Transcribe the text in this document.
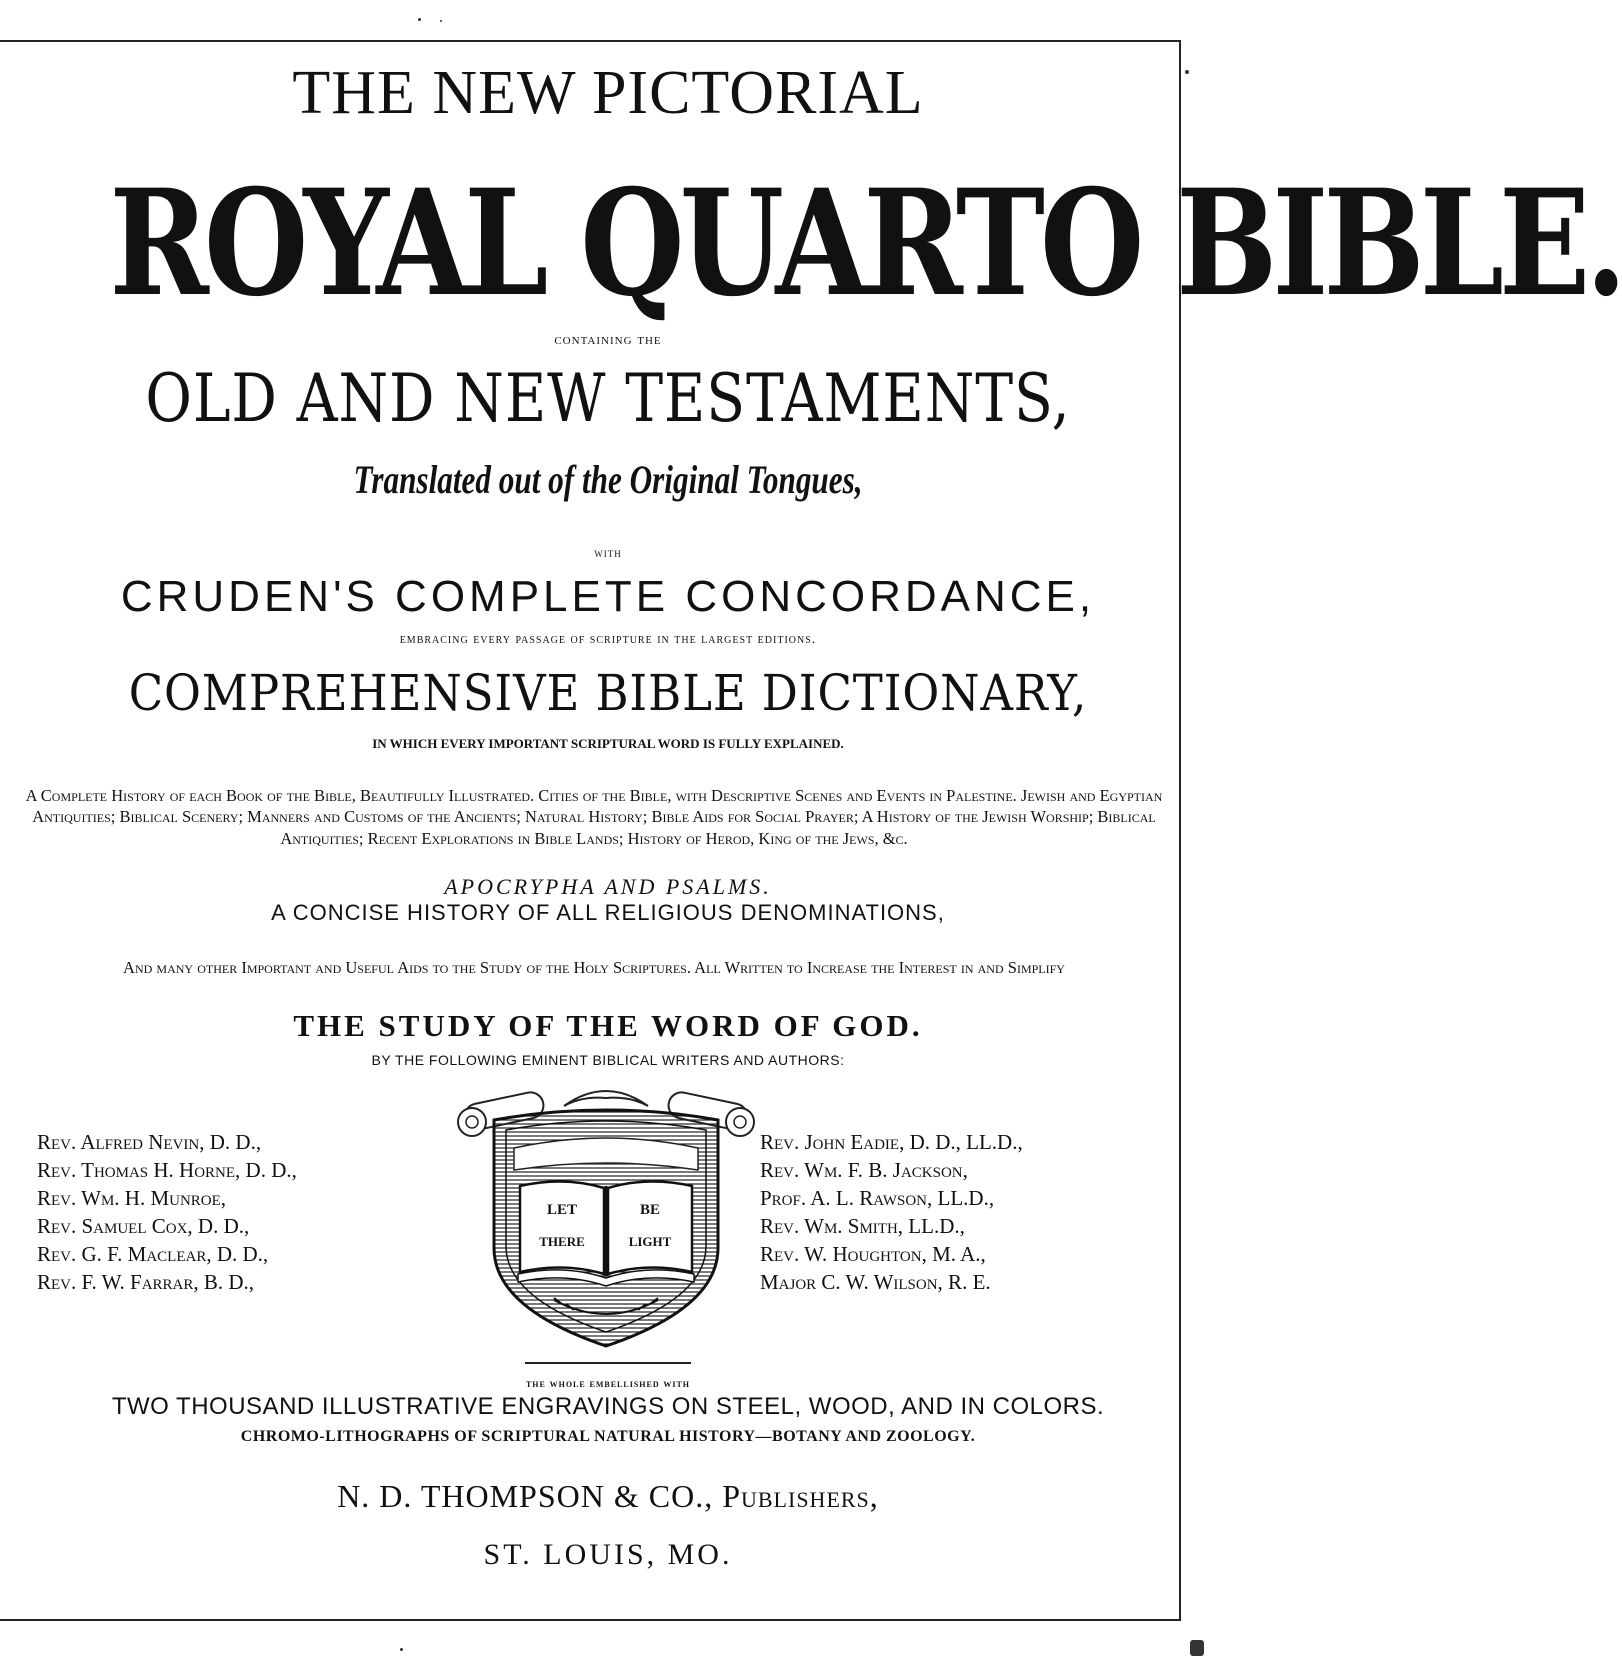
THE NEW PICTORIAL

ROYAL QUARTO BIBLE.

containing the

OLD AND NEW TESTAMENTS,

Translated out of the Original Tongues,

with

CRUDEN'S COMPLETE CONCORDANCE,

embracing every passage of scripture in the largest editions.

COMPREHENSIVE BIBLE DICTIONARY,

IN WHICH EVERY IMPORTANT SCRIPTURAL WORD IS FULLY EXPLAINED.

A Complete History of each Book of the Bible, Beautifully Illustrated. Cities of the Bible, with Descriptive Scenes and Events in Palestine. Jewish and Egyptian Antiquities; Biblical Scenery; Manners and Customs of the Ancients; Natural History; Bible Aids for Social Prayer; A History of the Jewish Worship; Biblical Antiquities; Recent Explorations in Bible Lands; History of Herod, King of the Jews, &c.

APOCRYPHA AND PSALMS.

A CONCISE HISTORY OF ALL RELIGIOUS DENOMINATIONS,

And many other Important and Useful Aids to the Study of the Holy Scriptures. All Written to Increase the Interest in and Simplify

THE STUDY OF THE WORD OF GOD.

BY THE FOLLOWING EMINENT BIBLICAL WRITERS AND AUTHORS:

Rev. Alfred Nevin, D. D.,
Rev. Thomas H. Horne, D. D.,
Rev. Wm. H. Munroe,
Rev. Samuel Cox, D. D.,
Rev. G. F. Maclear, D. D.,
Rev. F. W. Farrar, B. D.,
LET	BE
THERE	LIGHT
Rev. John Eadie, D. D., LL.D.,
Rev. Wm. F. B. Jackson,
Prof. A. L. Rawson, LL.D.,
Rev. Wm. Smith, LL.D.,
Rev. W. Houghton, M. A.,
Major C. W. Wilson, R. E.

the whole embellished with

TWO THOUSAND ILLUSTRATIVE ENGRAVINGS ON STEEL, WOOD, AND IN COLORS.

CHROMO-LITHOGRAPHS OF SCRIPTURAL NATURAL HISTORY—BOTANY AND ZOOLOGY.

N. D. THOMPSON & CO., Publishers,

ST. LOUIS, MO.
